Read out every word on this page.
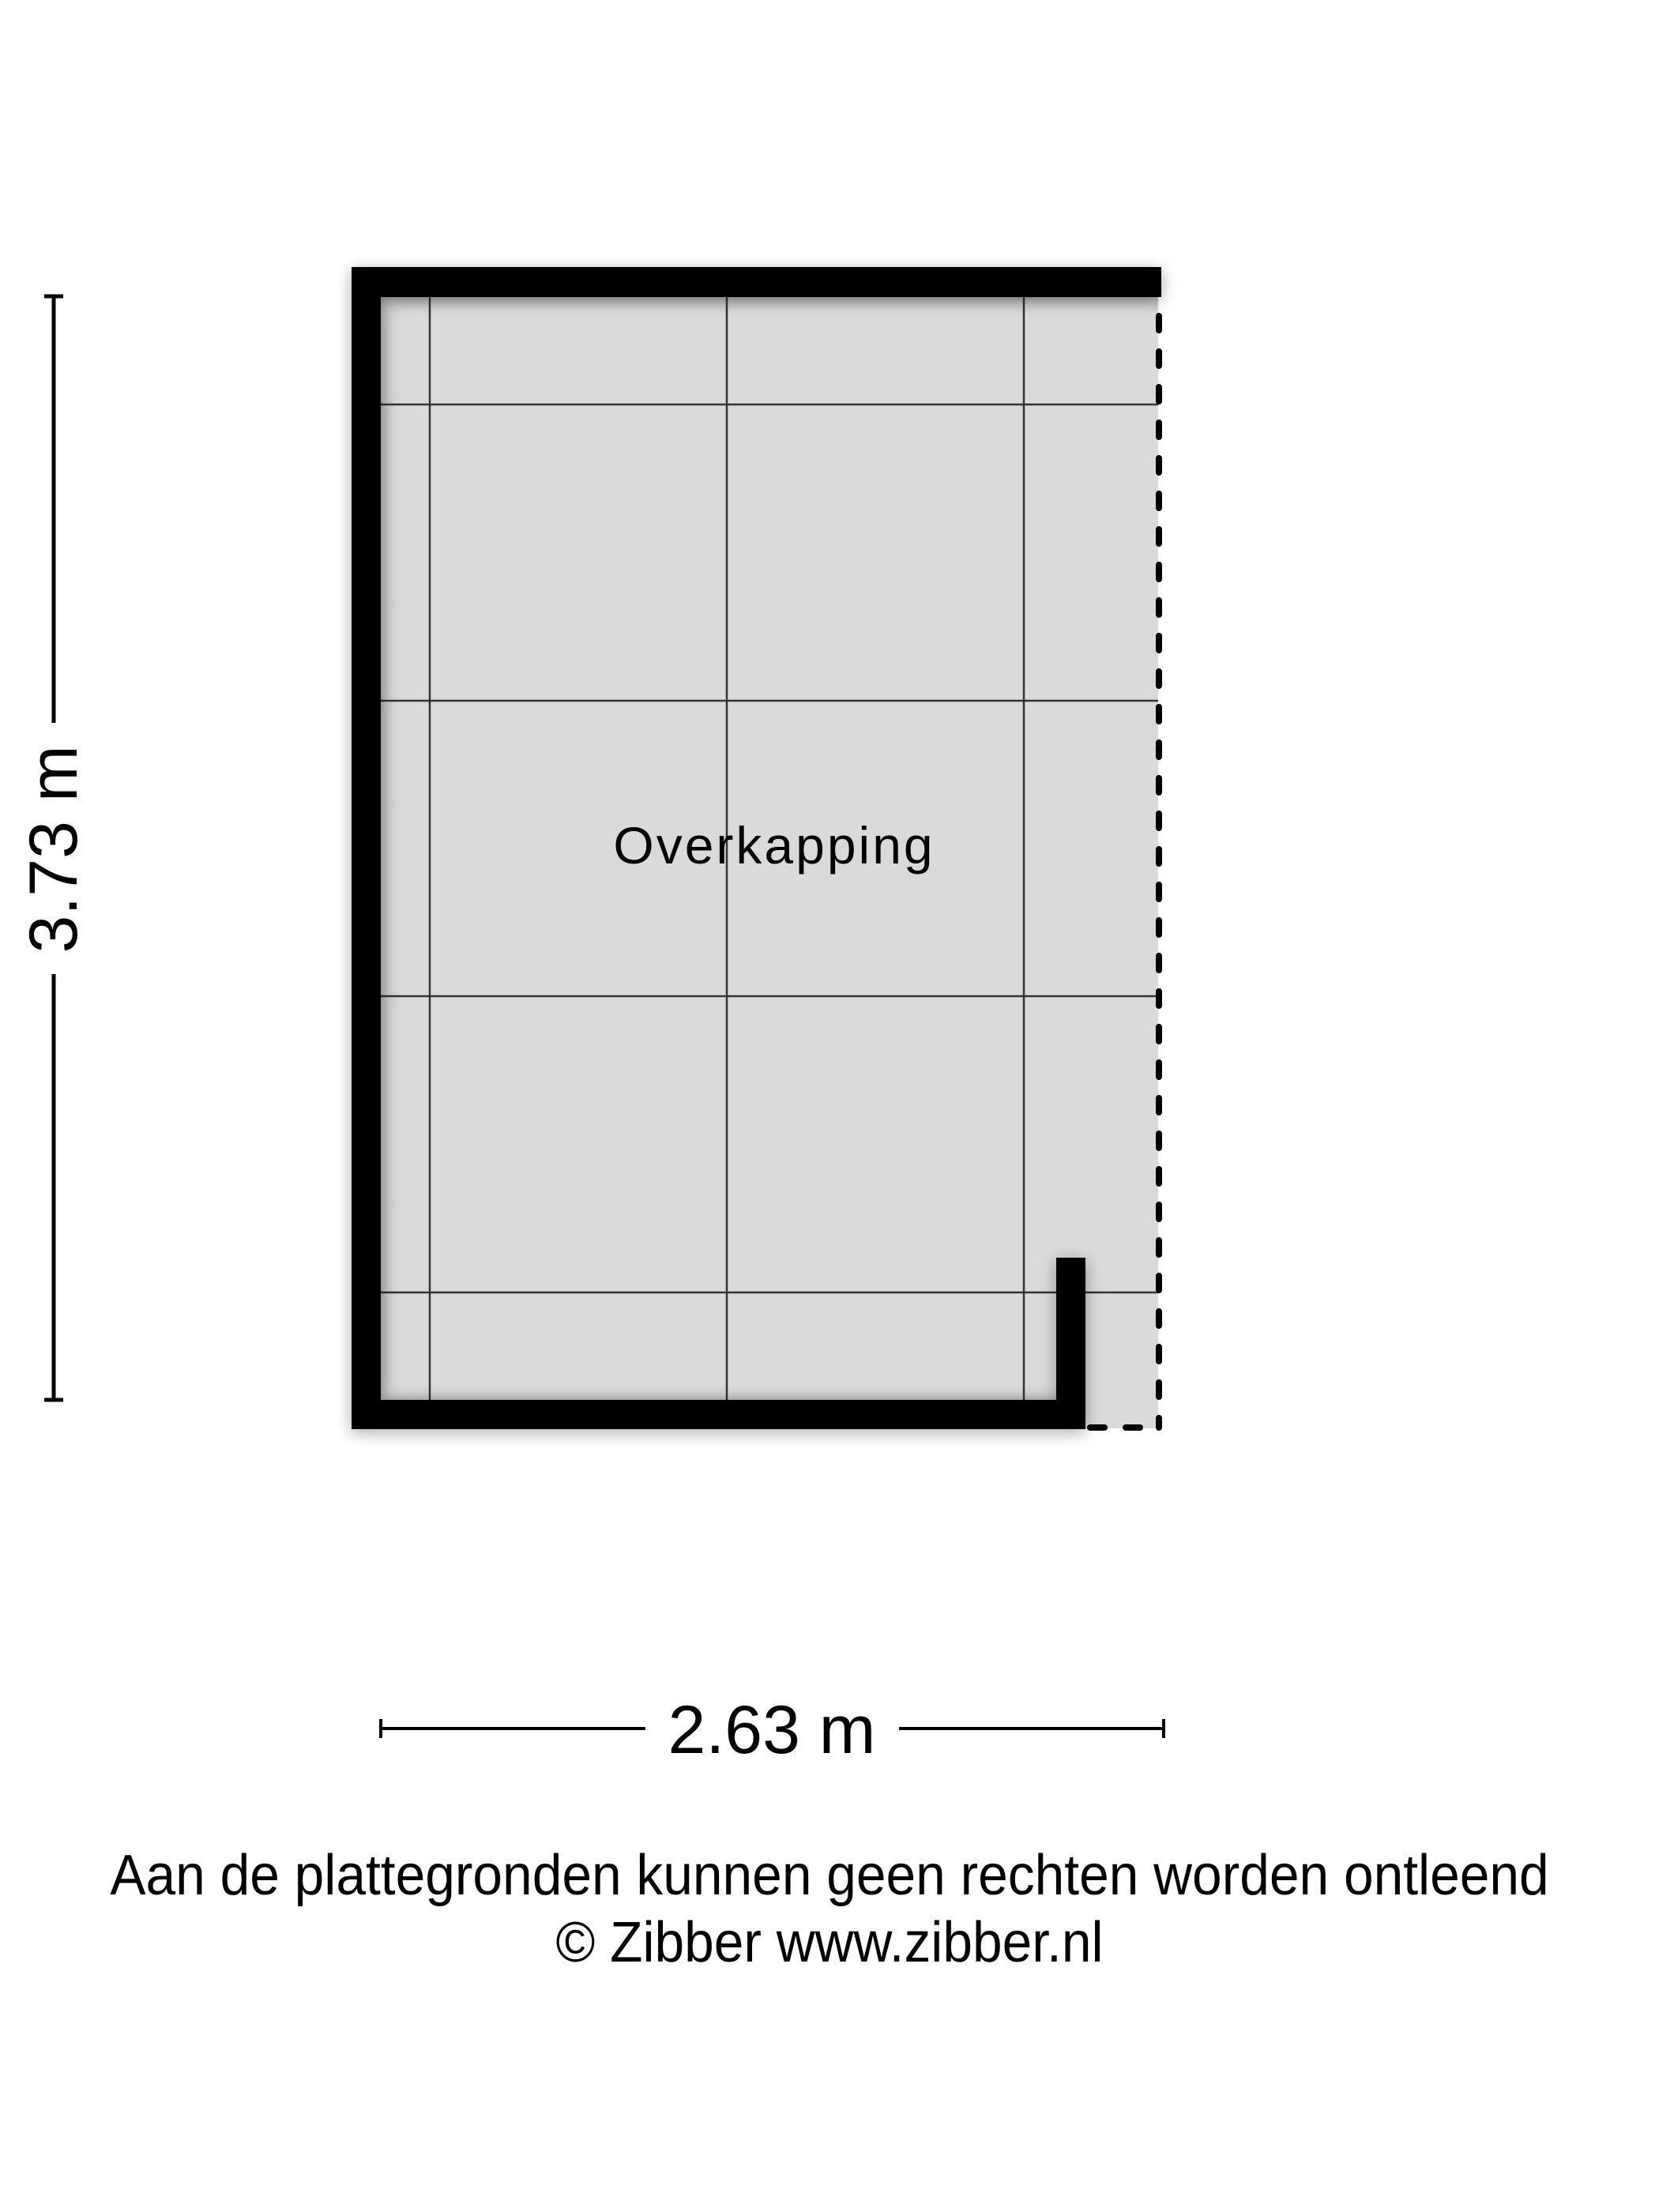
Overkapping
2.63 m
3.73 m
Aan de plattegronden kunnen geen rechten worden ontleend
© Zibber www.zibber.nl
